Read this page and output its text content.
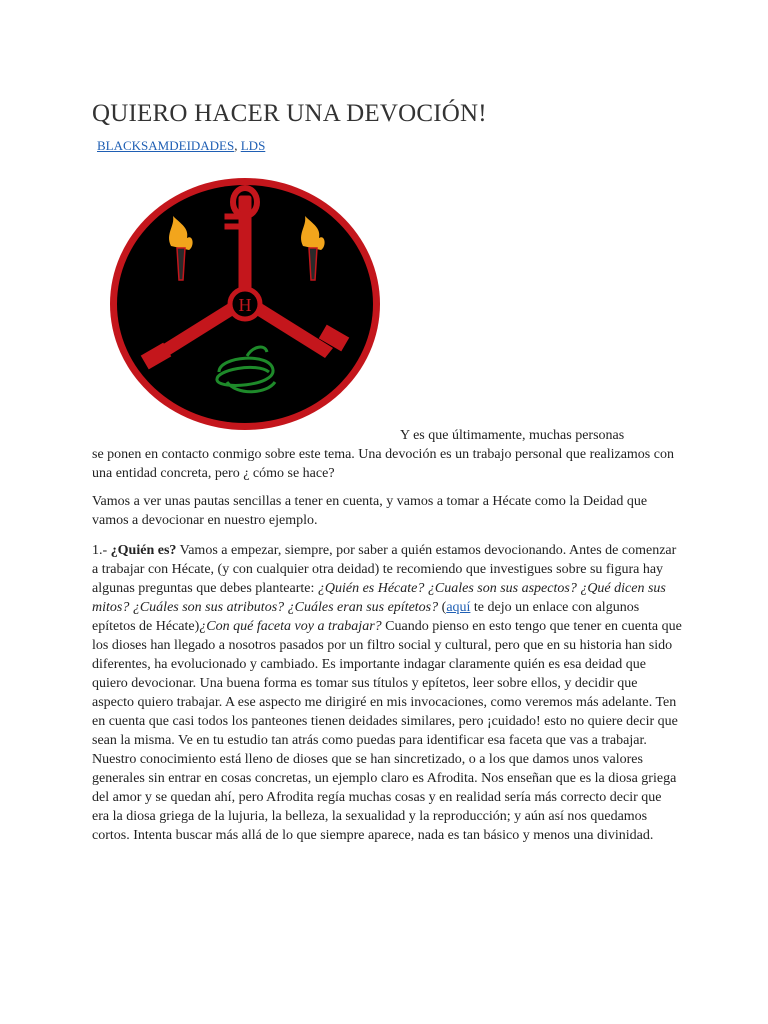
QUIERO HACER UNA DEVOCIÓN!
BLACKSAMDEIDADES, LDS
H
Y es que últimamente, muchas personas
se ponen en contacto conmigo sobre este tema. Una devoción es un trabajo personal que realizamos con una entidad concreta, pero ¿ cómo se hace?

Vamos a ver unas pautas sencillas a tener en cuenta, y vamos a tomar a Hécate como la Deidad que vamos a devocionar en nuestro ejemplo.

1.- ¿Quién es? Vamos a empezar, siempre, por saber a quién estamos devocionando. Antes de comenzar a trabajar con Hécate, (y con cualquier otra deidad) te recomiendo que investigues sobre su figura hay algunas preguntas que debes plantearte: ¿Quién es Hécate? ¿Cuales son sus aspectos? ¿Qué dicen sus mitos? ¿Cuáles son sus atributos? ¿Cuáles eran sus epítetos? (aquí te dejo un enlace con algunos epítetos de Hécate)¿Con qué faceta voy a trabajar? Cuando pienso en esto tengo que tener en cuenta que los dioses han llegado a nosotros pasados por un filtro social y cultural, pero que en su historia han sido diferentes, ha evolucionado y cambiado. Es importante indagar claramente quién es esa deidad que quiero devocionar. Una buena forma es tomar sus títulos y epítetos, leer sobre ellos, y decidir que aspecto quiero trabajar. A ese aspecto me dirigiré en mis invocaciones, como veremos más adelante. Ten en cuenta que casi todos los panteones tienen deidades similares, pero ¡cuidado! esto no quiere decir que sean la misma. Ve en tu estudio tan atrás como puedas para identificar esa faceta que vas a trabajar. Nuestro conocimiento está lleno de dioses que se han sincretizado, o a los que damos unos valores generales sin entrar en cosas concretas, un ejemplo claro es Afrodita. Nos enseñan que es la diosa griega del amor y se quedan ahí, pero Afrodita regía muchas cosas y en realidad sería más correcto decir que era la diosa griega de la lujuria, la belleza, la sexualidad y la reproducción; y aún así nos quedamos cortos. Intenta buscar más allá de lo que siempre aparece, nada es tan básico y menos una divinidad.
